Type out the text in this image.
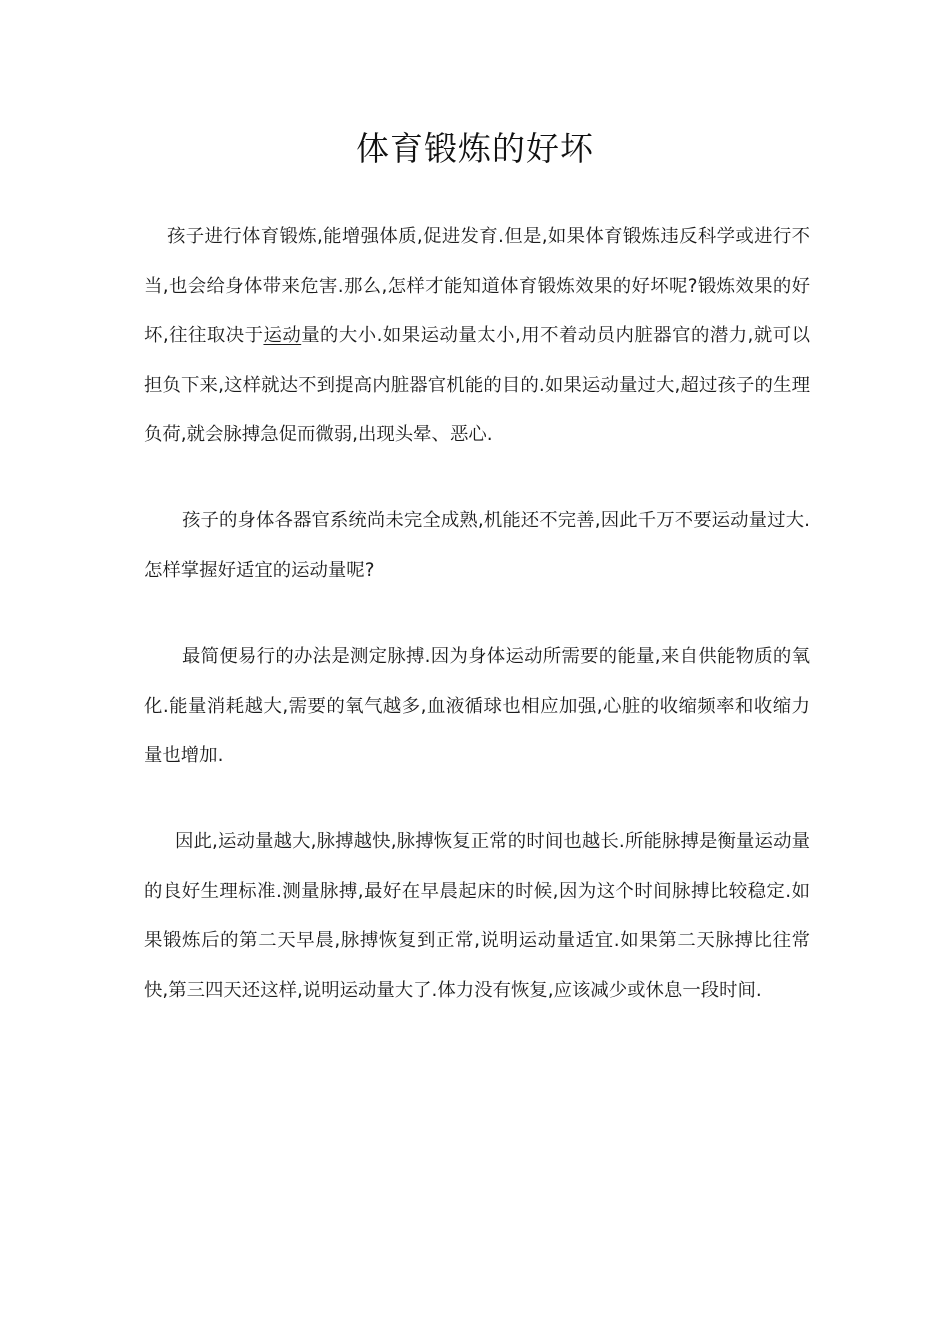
体育锻炼的好坏

孩子进行体育锻炼,能增强体质,促进发育.但是,如果体育锻炼违反科学或进行不当,也会给身体带来危害.那么,怎样才能知道体育锻炼效果的好坏呢?锻炼效果的好坏,往往取决于运动量的大小.如果运动量太小,用不着动员内脏器官的潜力,就可以担负下来,这样就达不到提高内脏器官机能的目的.如果运动量过大,超过孩子的生理负荷,就会脉搏急促而微弱,出现头晕、恶心.

孩子的身体各器官系统尚未完全成熟,机能还不完善,因此千万不要运动量过大.怎样掌握好适宜的运动量呢?

最简便易行的办法是测定脉搏.因为身体运动所需要的能量,来自供能物质的氧化.能量消耗越大,需要的氧气越多,血液循球也相应加强,心脏的收缩频率和收缩力量也增加.

因此,运动量越大,脉搏越快,脉搏恢复正常的时间也越长.所能脉搏是衡量运动量的良好生理标准.测量脉搏,最好在早晨起床的时候,因为这个时间脉搏比较稳定.如果锻炼后的第二天早晨,脉搏恢复到正常,说明运动量适宜.如果第二天脉搏比往常快,第三四天还这样,说明运动量大了.体力没有恢复,应该减少或休息一段时间.
